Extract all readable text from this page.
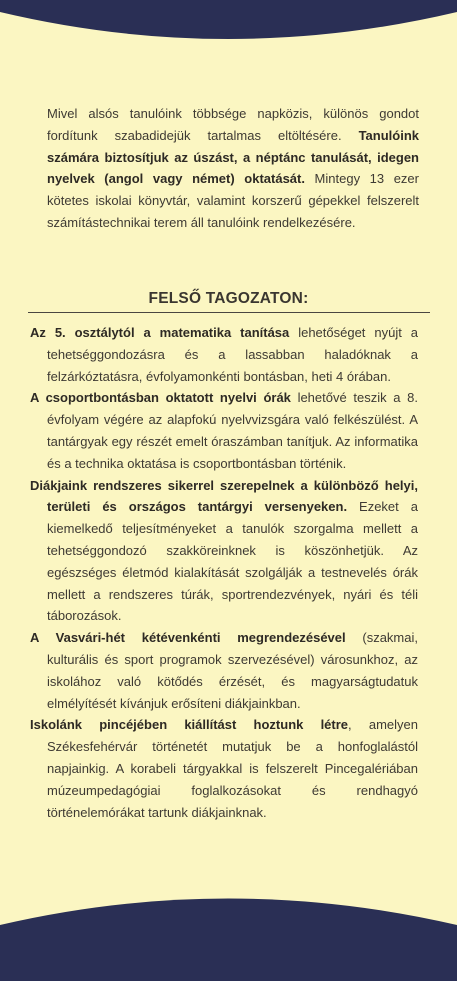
Mivel alsós tanulóink többsége napközis, különös gondot fordítunk szabadidejük tartalmas eltöltésére. Tanulóink számára biztosítjuk az úszást, a néptánc tanulását, idegen nyelvek (angol vagy német) oktatását. Mintegy 13 ezer kötetes iskolai könyvtár, valamint korszerű gépekkel felszerelt számítástechnikai terem áll tanulóink rendelkezésére.

FELSŐ TAGOZATON:

Az 5. osztálytól a matematika tanítása lehetőséget nyújt a tehetséggondozásra és a lassabban haladóknak a felzárkóztatásra, évfolyamonkénti bontásban, heti 4 órában.

A csoportbontásban oktatott nyelvi órák lehetővé teszik a 8. évfolyam végére az alapfokú nyelvvizsgára való felkészülést. A tantárgyak egy részét emelt óraszámban tanítjuk. Az informatika és a technika oktatása is csoportbontásban történik.

Diákjaink rendszeres sikerrel szerepelnek a különböző helyi, területi és országos tantárgyi versenyeken. Ezeket a kiemelkedő teljesítményeket a tanulók szorgalma mellett a tehetséggondozó szakköreinknek is köszönhetjük. Az egészséges életmód kialakítását szolgálják a testnevelés órák mellett a rendszeres túrák, sportrendezvények, nyári és téli táborozások.

A Vasvári-hét kétévenkénti megrendezésével (szakmai, kulturális és sport programok szervezésével) városunkhoz, az iskolához való kötődés érzését, és magyarságtudatuk elmélyítését kívánjuk erősíteni diákjainkban.

Iskolánk pincéjében kiállítást hoztunk létre, amelyen Székesfehérvár történetét mutatjuk be a honfoglalástól napjainkig. A korabeli tárgyakkal is felszerelt Pincegalériában múzeumpedagógiai foglalkozásokat és rendhagyó történelemórákat tartunk diákjainknak.
